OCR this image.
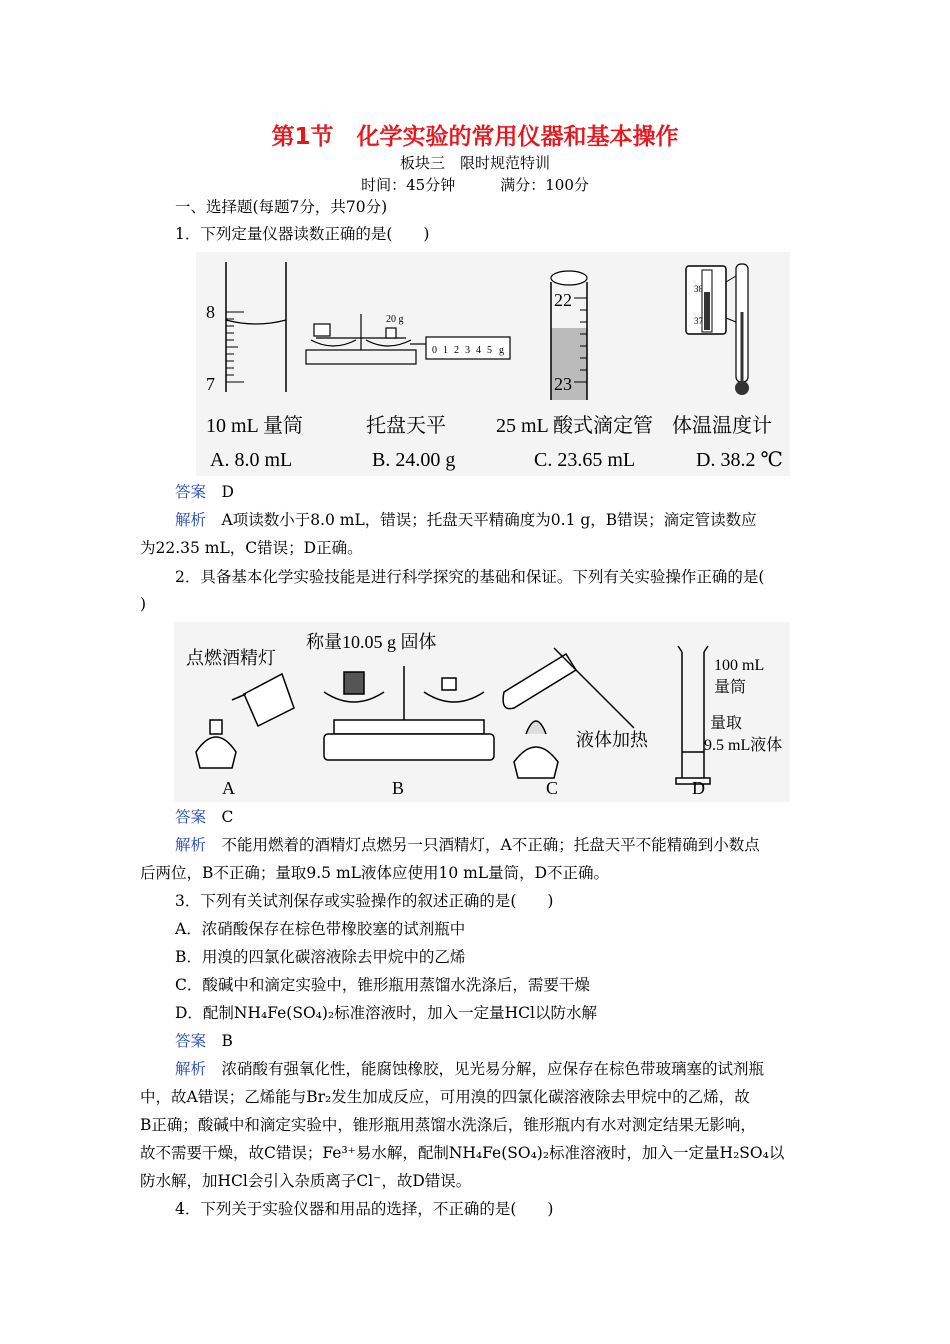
第1节　化学实验的常用仪器和基本操作
板块三　限时规范特训
时间：45分钟　　　满分：100分
一、选择题(每题7分，共70分)
1．下列定量仪器读数正确的是(　　)
8
7
20 g
0 1 2 3 4 5 g
22
23
38
37
10 mL 量筒	托盘天平	25 mL 酸式滴定管 体温温度计
A. 8.0 mL	B. 24.00 g	C. 23.65 mL	D. 38.2 ℃
答案　 D
解析　 A项读数小于8.0 mL，错误；托盘天平精确度为0.1 g，B错误；滴定管读数应
为22.35 mL，C错误；D正确。
2．具备基本化学实验技能是进行科学探究的基础和保证。下列有关实验操作正确的是(
)
点燃酒精灯
称量10.05 g 固体
液体加热
100 mL
量筒
量取
9.5 mL液体
A	B	C	D
答案　 C
解析　 不能用燃着的酒精灯点燃另一只酒精灯，A不正确；托盘天平不能精确到小数点
后两位，B不正确；量取9.5 mL液体应使用10 mL量筒，D不正确。
3．下列有关试剂保存或实验操作的叙述正确的是(　　)
A．浓硝酸保存在棕色带橡胶塞的试剂瓶中
B．用溴的四氯化碳溶液除去甲烷中的乙烯
C．酸碱中和滴定实验中，锥形瓶用蒸馏水洗涤后，需要干燥
D．配制NH₄Fe(SO₄)₂标准溶液时，加入一定量HCl以防水解
答案　 B
解析　 浓硝酸有强氧化性，能腐蚀橡胶，见光易分解，应保存在棕色带玻璃塞的试剂瓶
中，故A错误；乙烯能与Br₂发生加成反应，可用溴的四氯化碳溶液除去甲烷中的乙烯，故
B正确；酸碱中和滴定实验中，锥形瓶用蒸馏水洗涤后，锥形瓶内有水对测定结果无影响，
故不需要干燥，故C错误；Fe³⁺易水解，配制NH₄Fe(SO₄)₂标准溶液时，加入一定量H₂SO₄以
防水解，加HCl会引入杂质离子Cl⁻，故D错误。
4．下列关于实验仪器和用品的选择，不正确的是(　　)
